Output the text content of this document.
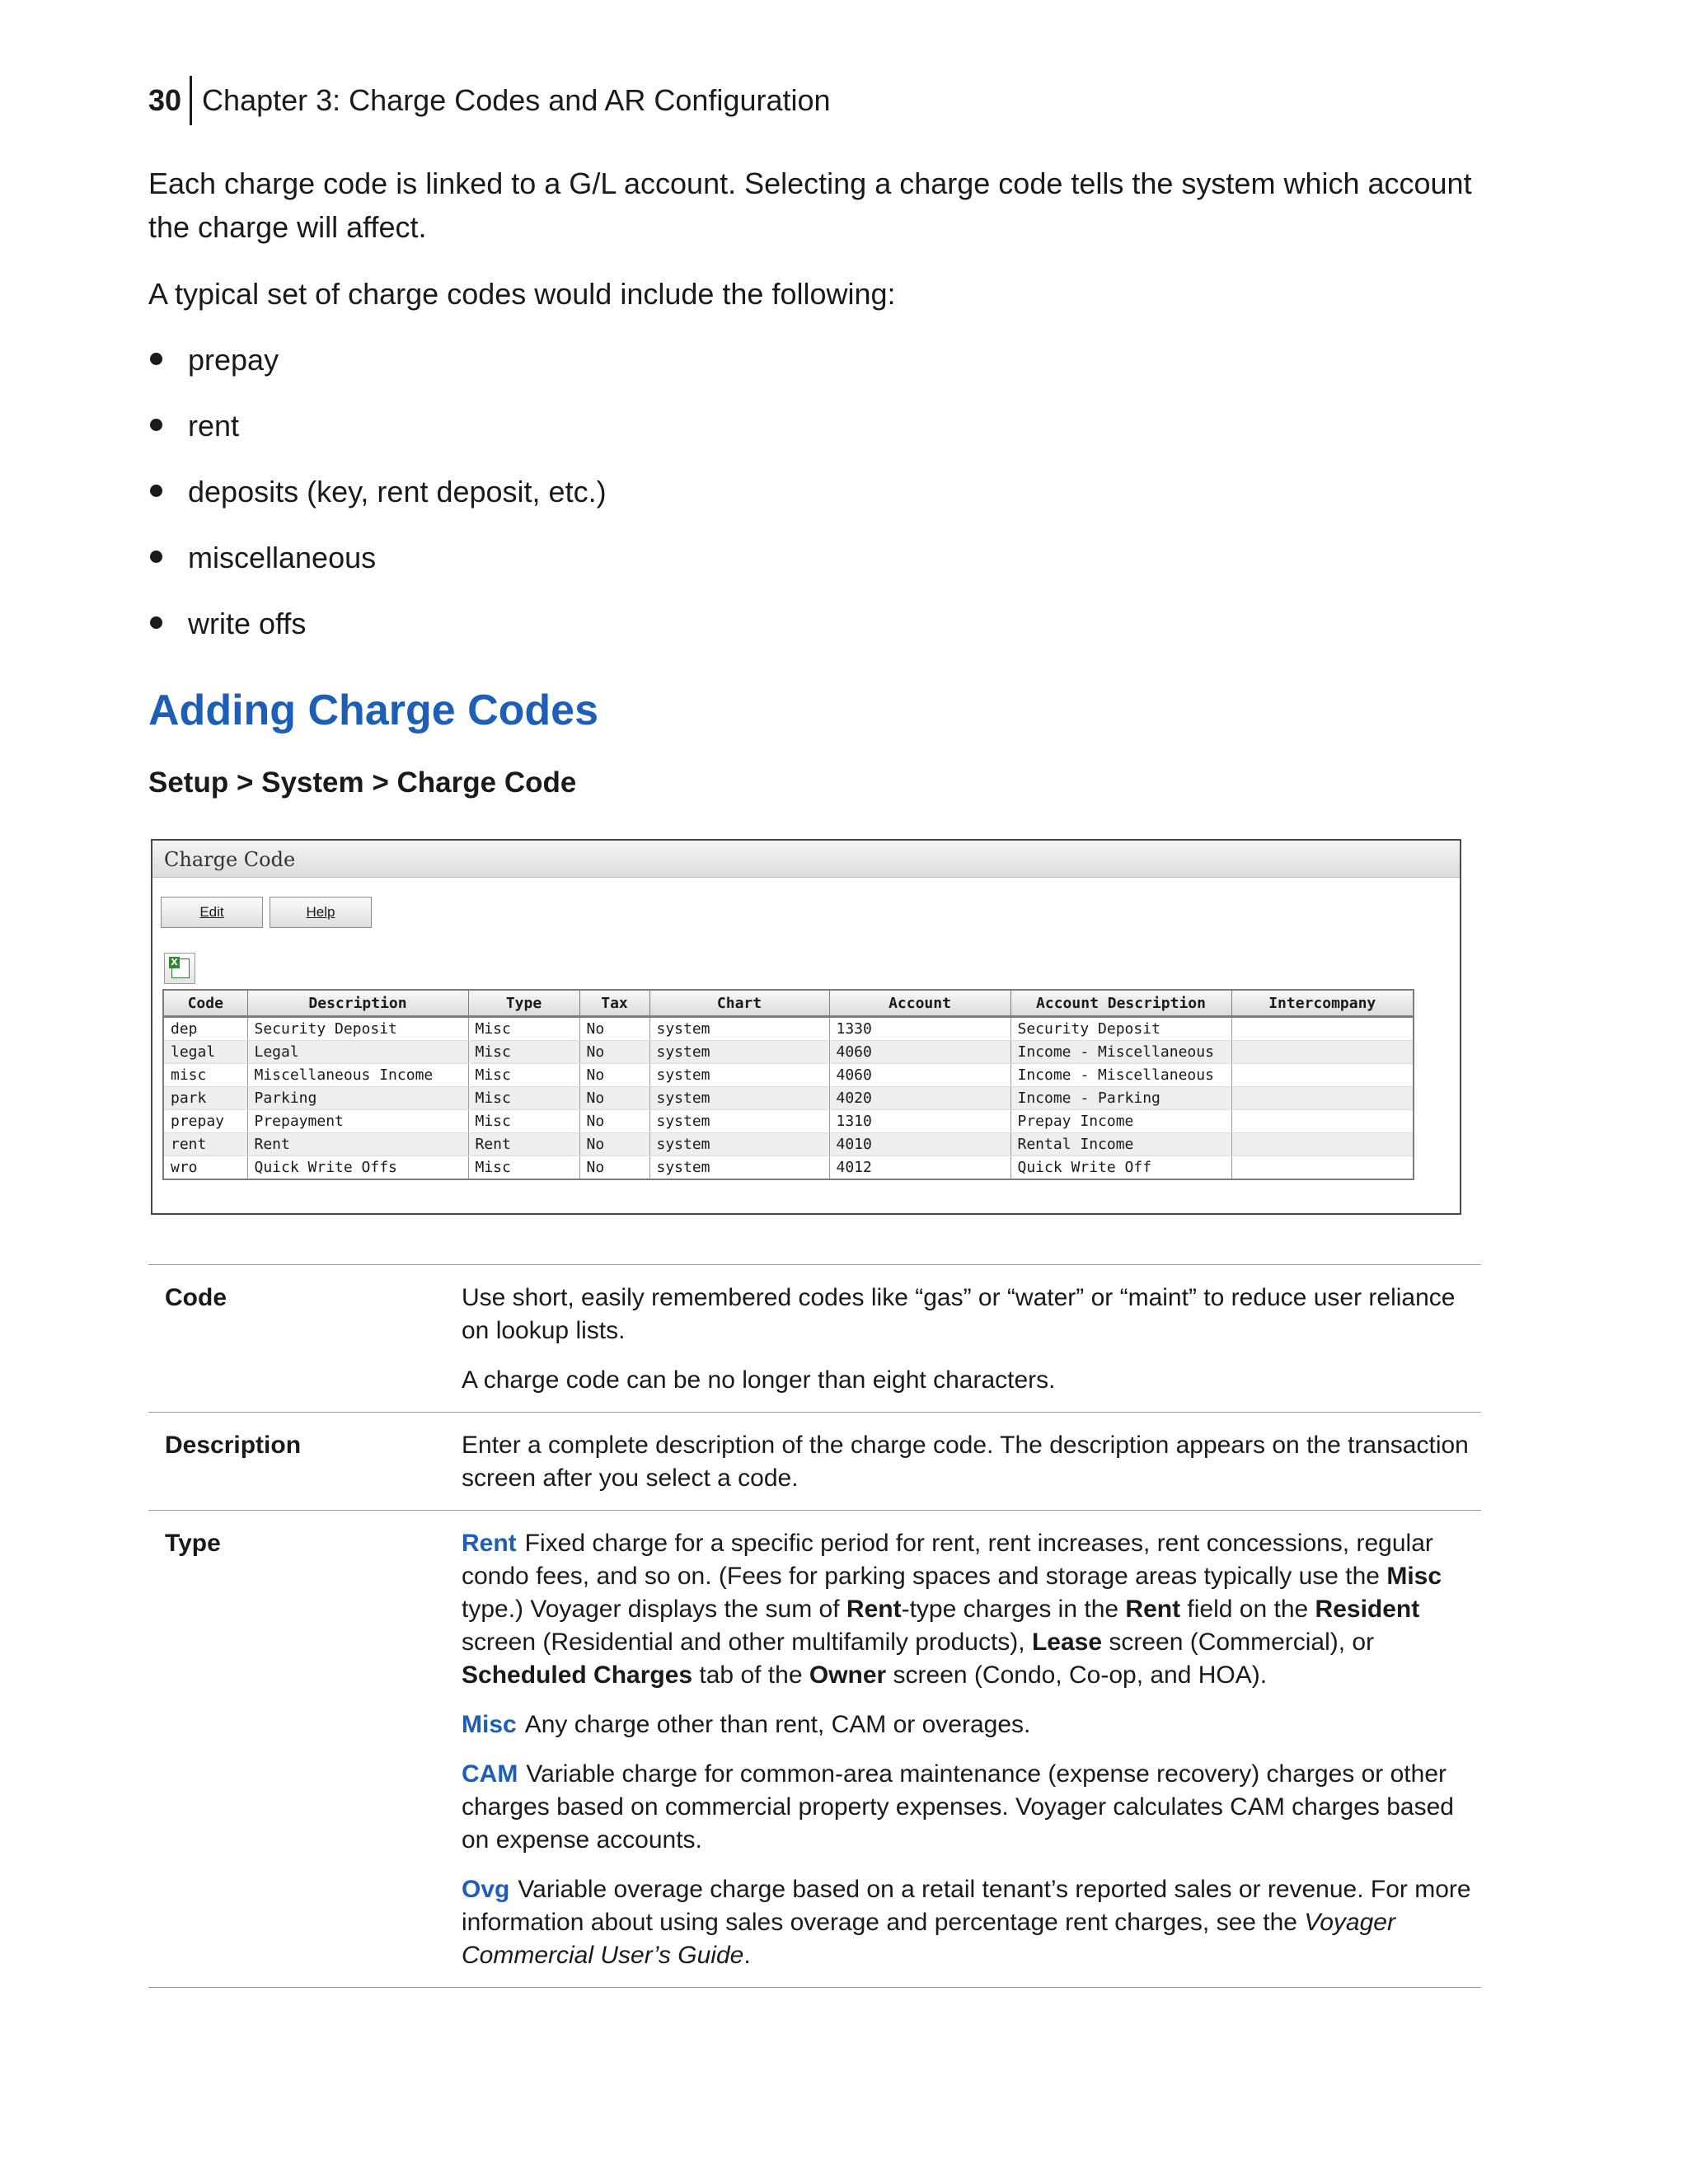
30 Chapter 3: Charge Codes and AR Configuration

Each charge code is linked to a G/L account. Selecting a charge code tells the system which account the charge will affect.

A typical set of charge codes would include the following:

prepay
rent
deposits (key, rent deposit, etc.)
miscellaneous
write offs
Adding Charge Codes

Setup > System > Charge Code

Charge Code
Edit	Help
X
Code	Description	Type	Tax	Chart	Account	Account Description	Intercompany
dep	Security Deposit	Misc	No	system	1330	Security Deposit	
legal	Legal	Misc	No	system	4060	Income - Miscellaneous	
misc	Miscellaneous Income	Misc	No	system	4060	Income - Miscellaneous	
park	Parking	Misc	No	system	4020	Income - Parking	
prepay	Prepayment	Misc	No	system	1310	Prepay Income	
rent	Rent	Rent	No	system	4010	Rental Income	
wro	Quick Write Offs	Misc	No	system	4012	Quick Write Off	
Code	Use short, easily remembered codes like “gas” or “water” or “maint” to reduce user reliance on lookup lists.

A charge code can be no longer than eight characters.

Description	Enter a complete description of the charge code. The description appears on the transaction screen after you select a code.

Type	Rent Fixed charge for a specific period for rent, rent increases, rent concessions, regular condo fees, and so on. (Fees for parking spaces and storage areas typically use the Misc type.) Voyager displays the sum of Rent-type charges in the Rent field on the Resident screen (Residential and other multifamily products), Lease screen (Commercial), or Scheduled Charges tab of the Owner screen (Condo, Co-op, and HOA).

Misc Any charge other than rent, CAM or overages.

CAM Variable charge for common-area maintenance (expense recovery) charges or other charges based on commercial property expenses. Voyager calculates CAM charges based on expense accounts.

Ovg Variable overage charge based on a retail tenant’s reported sales or revenue. For more information about using sales overage and percentage rent charges, see the Voyager Commercial User’s Guide.
